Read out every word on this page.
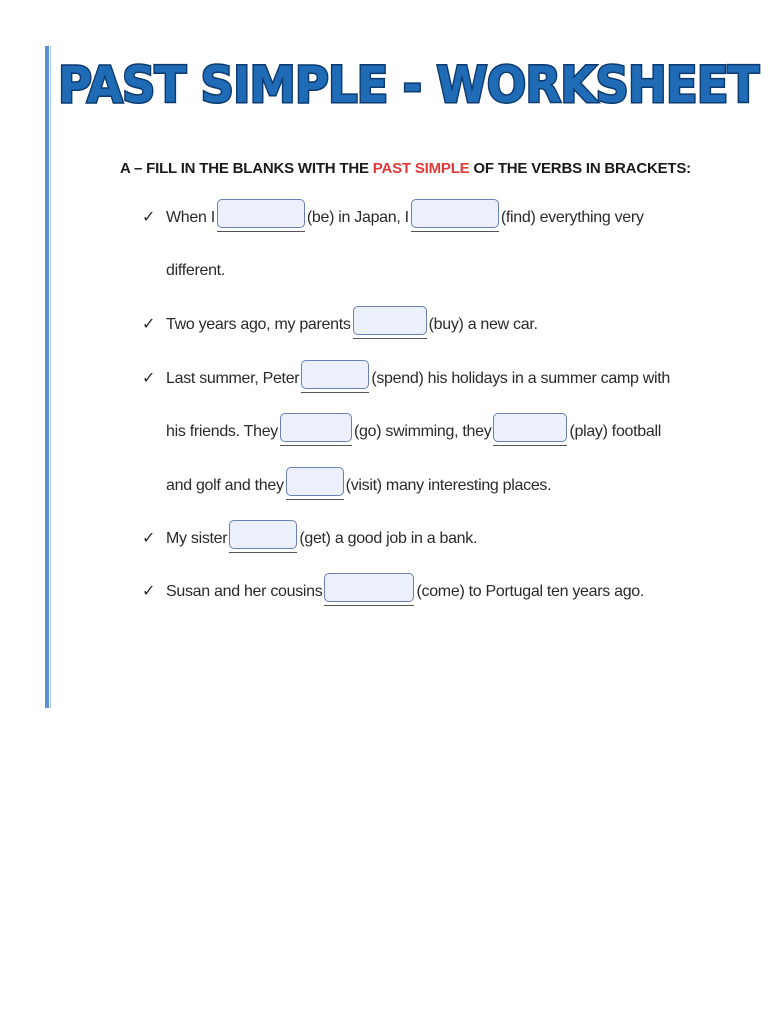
PAST SIMPLE - WORKSHEET
A – FILL IN THE BLANKS WITH THE PAST SIMPLE OF THE VERBS IN BRACKETS:
✓ When I	(be) in Japan, I	(find) everything very
different.
✓ Two years ago, my parents	(buy) a new car.
✓ Last summer, Peter	(spend) his holidays in a summer camp with
his friends. They	(go) swimming, they	(play) football
and golf and they	(visit) many interesting places.
✓ My sister	(get) a good job in a bank.
✓ Susan and her cousins	(come) to Portugal ten years ago.
